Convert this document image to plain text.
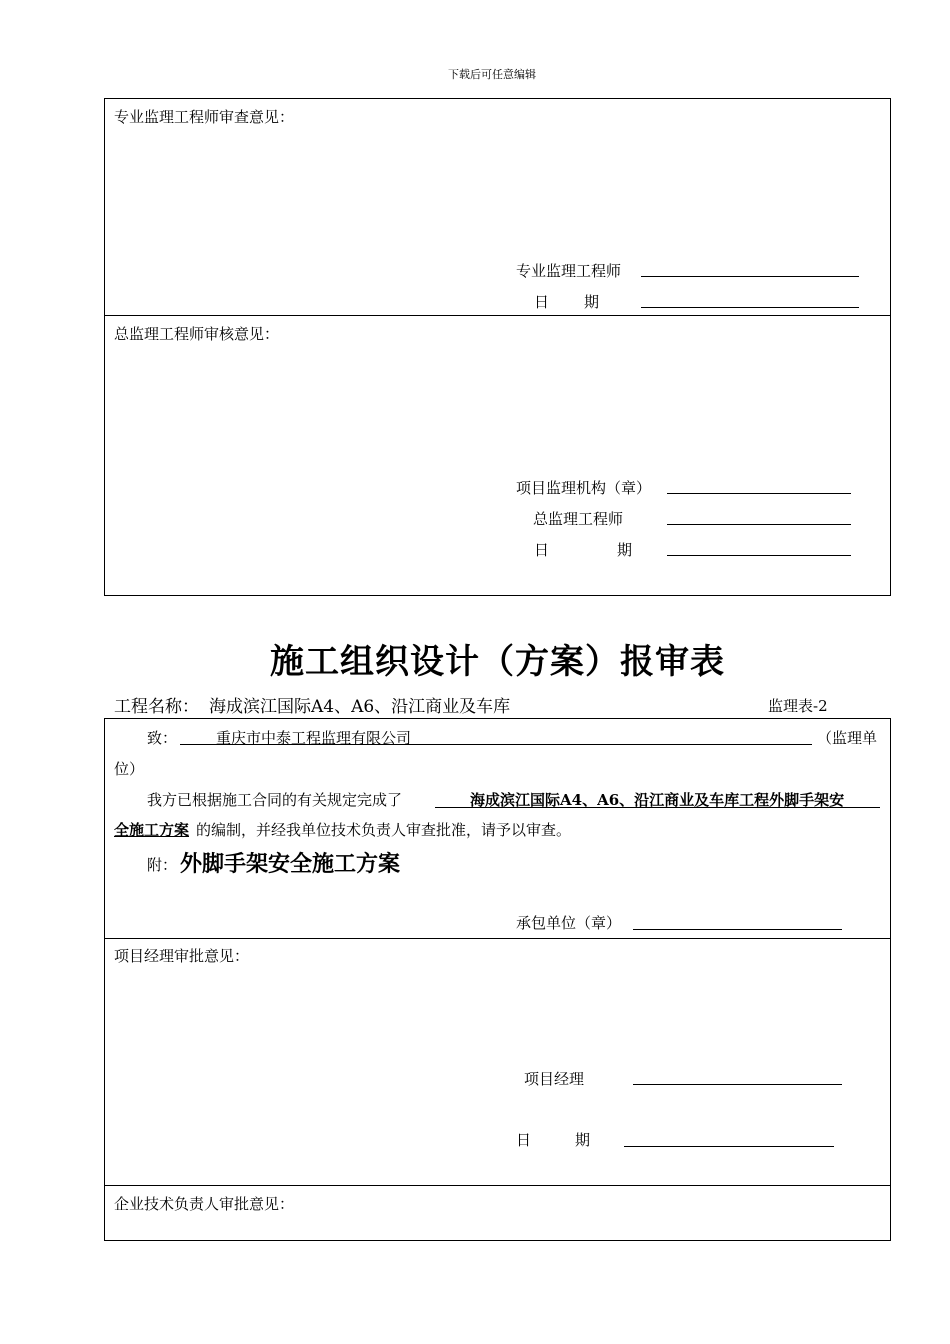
下载后可任意编辑
专业监理工程师审查意见：
专业监理工程师
日 期
总监理工程师审核意见：
项目监理机构（章）
总监理工程师
日	期
施工组织设计（方案）报审表
工程名称： 海成滨江国际A4、A6、沿江商业及车库	监理表-2
致：	重庆市中泰工程监理有限公司	（监理单
位）
我方已根据施工合同的有关规定完成了	海成滨江国际A4、A6、沿江商业及车库工程外脚手架安
全施工方案 的编制，并经我单位技术负责人审查批准，请予以审查。
附： 外脚手架安全施工方案
承包单位（章）
项目经理审批意见：
项目经理
日	期
企业技术负责人审批意见：
